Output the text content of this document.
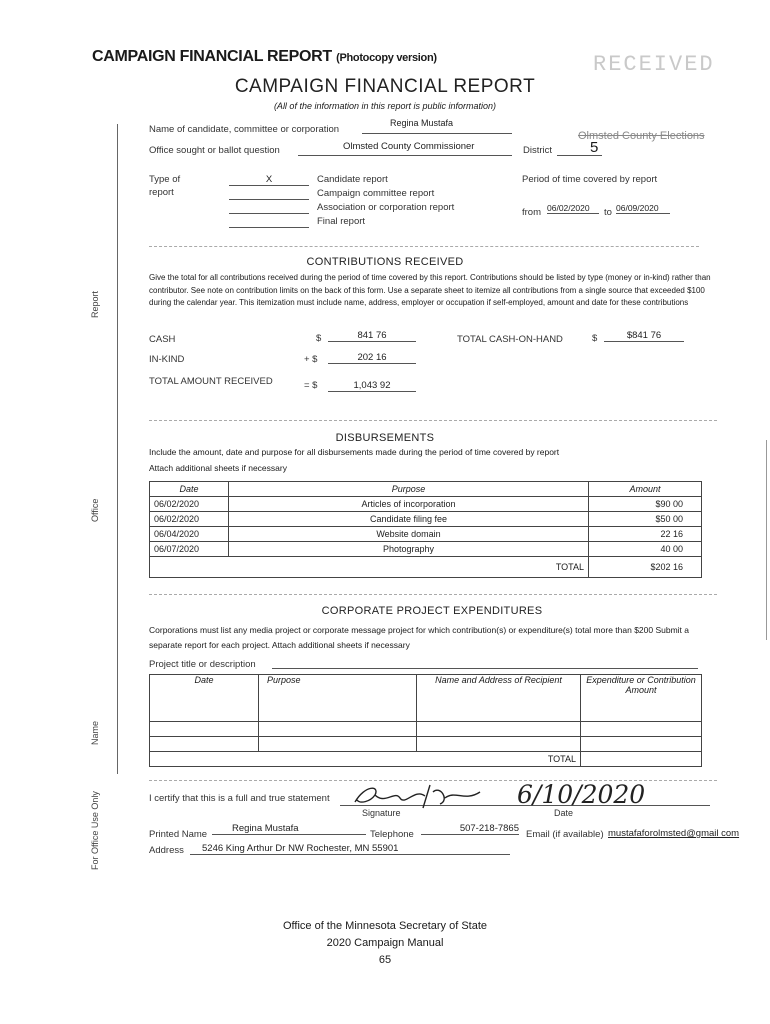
CAMPAIGN FINANCIAL REPORT (Photocopy version)	RECEIVED
CAMPAIGN FINANCIAL REPORT
(All of the information in this report is public information)
Name of candidate, committee or corporation
Regina Mustafa
Olmsted County Elections
Office sought or ballot question	Olmsted County Commissioner	District	5
Type of
report
X	Candidate report
Campaign committee report
Association or corporation report
Final report
Period of time covered by report
from 06/02/2020	to 06/09/2020
CONTRIBUTIONS RECEIVED
Give the total for all contributions received during the period of time covered by this report. Contributions should be listed by type (money or in-kind) rather than contributor. See note on contribution limits on the back of this form. Use a separate sheet to itemize all contributions from a single source that exceeded $100 during the calendar year. This itemization must include name, address, employer or occupation if self-employed, amount and date for these contributions
CASH	$	841 76
IN-KIND	+ $	202 16
TOTAL AMOUNT RECEIVED	= $	1,043 92
TOTAL CASH-ON-HAND	$	$841 76
DISBURSEMENTS
Include the amount, date and purpose for all disbursements made during the period of time covered by report
Attach additional sheets if necessary
Date	Purpose	Amount
06/02/2020	Articles of incorporation	$90 00
06/02/2020	Candidate filing fee	$50 00
06/04/2020	Website domain	22 16
06/07/2020	Photography	40 00
TOTAL		$202 16
CORPORATE PROJECT EXPENDITURES
Corporations must list any media project or corporate message project for which contribution(s) or expenditure(s) total more than $200 Submit a separate report for each project. Attach additional sheets if necessary
Project title or description
Date	Purpose	Name and Address of Recipient	Expenditure or Contribution Amount

TOTAL			
I certify that this is a full and true statement	6/10/2020
Signature	Date
Printed Name
Regina Mustafa
Telephone
507-218-7865
Email (if available) mustafaforolmsted@gmail com
Address	5246 King Arthur Dr NW Rochester, MN 55901
Report
Office
Name
For Office Use Only
Office of the Minnesota Secretary of State
2020 Campaign Manual
65
